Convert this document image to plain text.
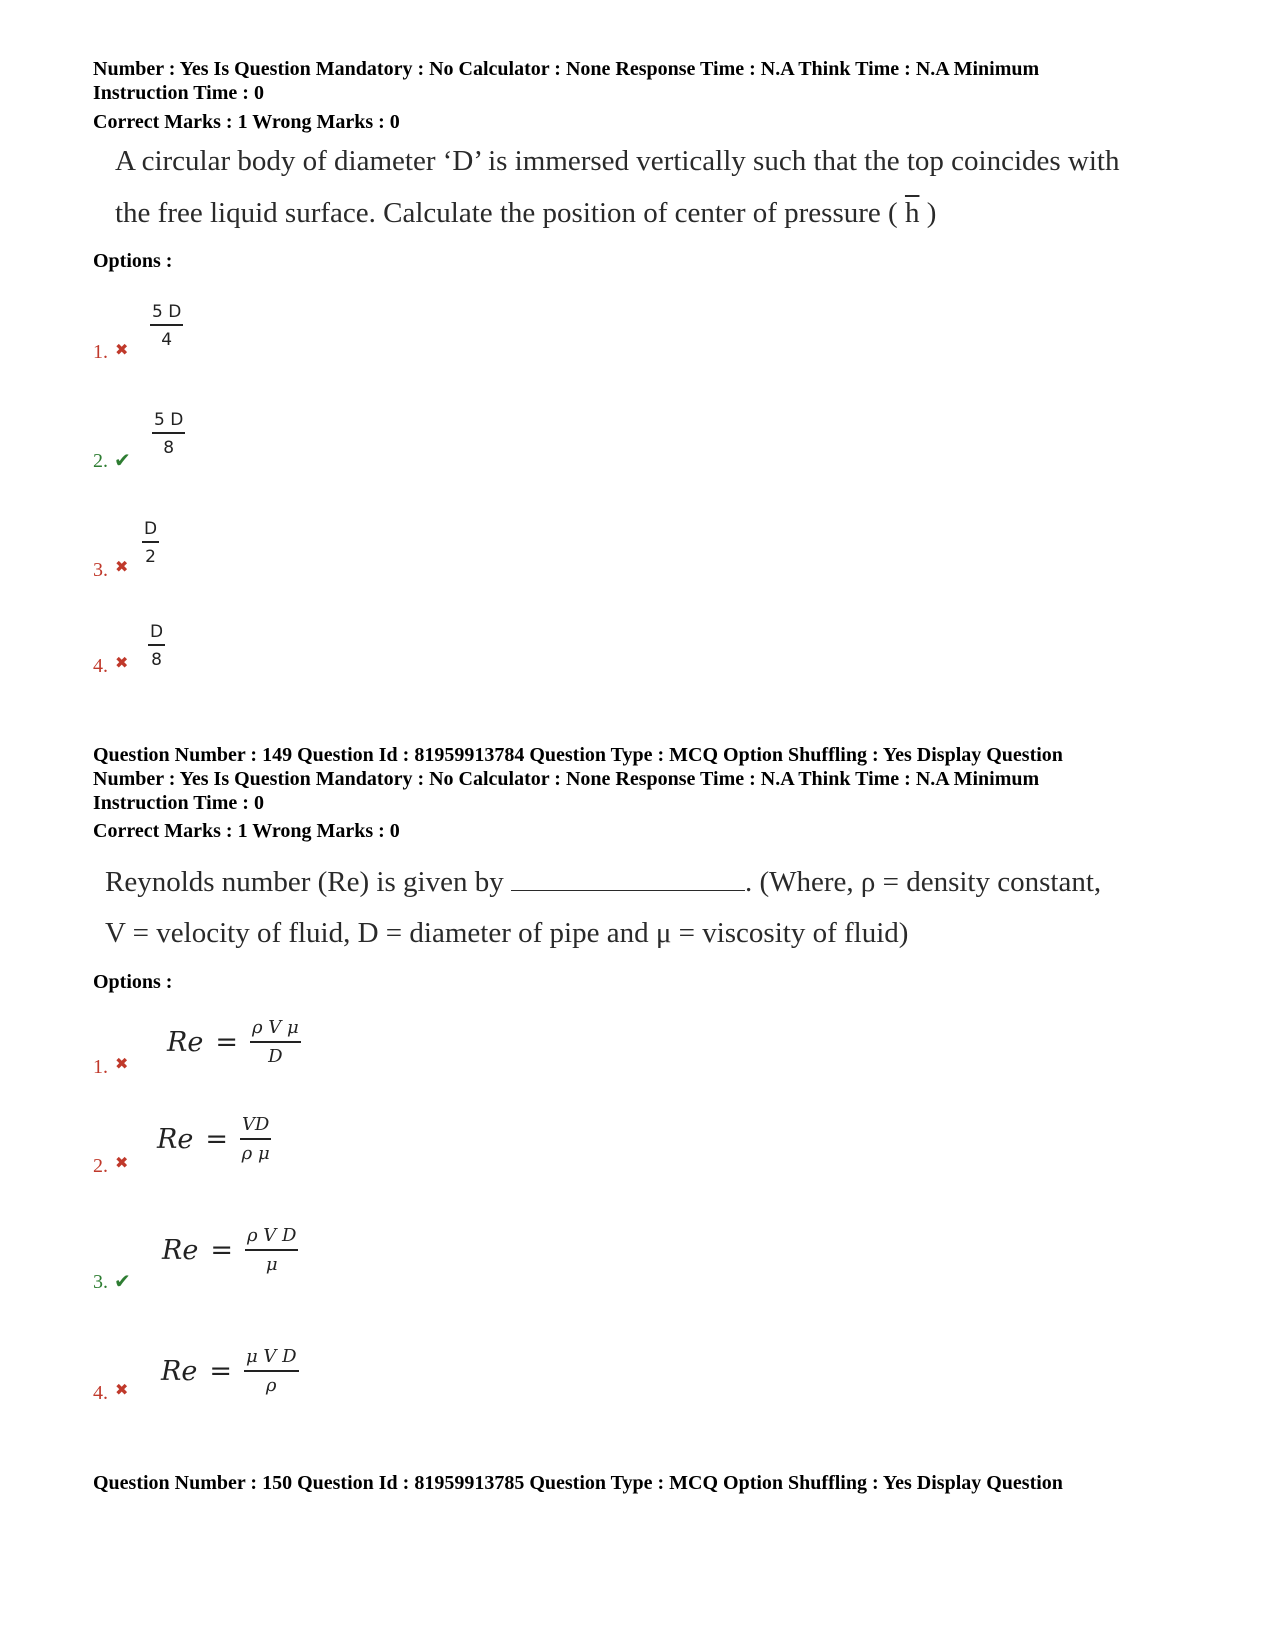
Number : Yes Is Question Mandatory : No Calculator : None Response Time : N.A Think Time : N.A Minimum
Instruction Time : 0
Correct Marks : 1 Wrong Marks : 0
A circular body of diameter ‘D’ is immersed vertically such that the top coincides with
the free liquid surface. Calculate the position of center of pressure ( $\overline{h}$ )
Options :
$\frac{5 D}{4}$
1. ✖
$\frac{5 D}{8}$
2. ✔
$\frac{D}{2}$
3. ✖
$\frac{D}{8}$
4. ✖
Question Number : 149 Question Id : 81959913784 Question Type : MCQ Option Shuffling : Yes Display Question
Number : Yes Is Question Mandatory : No Calculator : None Response Time : N.A Think Time : N.A Minimum
Instruction Time : 0
Correct Marks : 1 Wrong Marks : 0
Reynolds number (Re) is given by	. (Where, ρ = density constant,
V = velocity of fluid, D = diameter of pipe and μ = viscosity of fluid)
Options :
$Re = \frac{\text{ρ V μ}}{D}$
1. ✖
$Re = \frac{VD}{\text{ρ μ}}$
2. ✖
$Re = \frac{\text{ρ V D}}{\mu}$
3. ✔
$Re = \frac{\text{μ V D}}{\rho}$
4. ✖
Question Number : 150 Question Id : 81959913785 Question Type : MCQ Option Shuffling : Yes Display Question
